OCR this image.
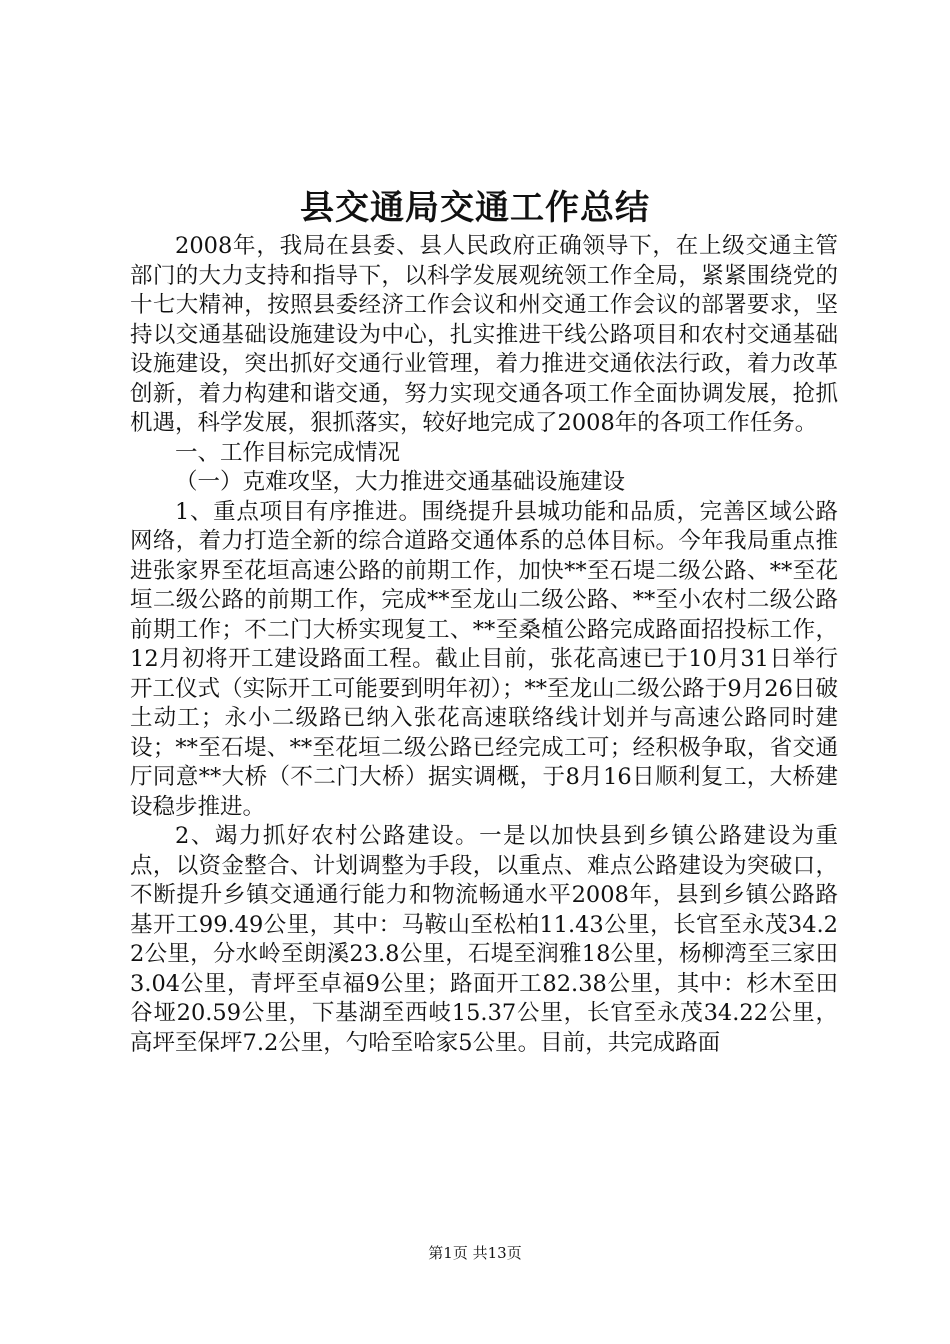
县交通局交通工作总结

2008年，我局在县委、县人民政府正确领导下，在上级交通主管部门的大力支持和指导下，以科学发展观统领工作全局，紧紧围绕党的十七大精神，按照县委经济工作会议和州交通工作会议的部署要求，坚持以交通基础设施建设为中心，扎实推进干线公路项目和农村交通基础设施建设，突出抓好交通行业管理，着力推进交通依法行政，着力改革创新，着力构建和谐交通，努力实现交通各项工作全面协调发展，抢抓机遇，科学发展，狠抓落实，较好地完成了2008年的各项工作任务。

一、工作目标完成情况

（一）克难攻坚，大力推进交通基础设施建设

1、重点项目有序推进。围绕提升县城功能和品质，完善区域公路网络，着力打造全新的综合道路交通体系的总体目标。今年我局重点推进张家界至花垣高速公路的前期工作，加快**至石堤二级公路、**至花垣二级公路的前期工作，完成**至龙山二级公路、**至小农村二级公路前期工作；不二门大桥实现复工、**至桑植公路完成路面招投标工作，12月初将开工建设路面工程。截止目前，张花高速已于10月31日举行开工仪式（实际开工可能要到明年初）；**至龙山二级公路于9月26日破土动工；永小二级路已纳入张花高速联络线计划并与高速公路同时建设；**至石堤、**至花垣二级公路已经完成工可；经积极争取，省交通厅同意**大桥（不二门大桥）据实调概，于8月16日顺利复工，大桥建设稳步推进。

2、竭力抓好农村公路建设。一是以加快县到乡镇公路建设为重点，以资金整合、计划调整为手段，以重点、难点公路建设为突破口，不断提升乡镇交通通行能力和物流畅通水平2008年，县到乡镇公路路基开工99.49公里，其中：马鞍山至松柏11.43公里，长官至永茂34.22公里，分水岭至朗溪23.8公里，石堤至润雅18公里，杨柳湾至三家田3.04公里，青坪至卓福9公里；路面开工82.38公里，其中：杉木至田谷垭20.59公里，下基湖至西岐15.37公里，长官至永茂34.22公里，高坪至保坪7.2公里，勺哈至哈家5公里。目前，共完成路面

第1页 共13页
